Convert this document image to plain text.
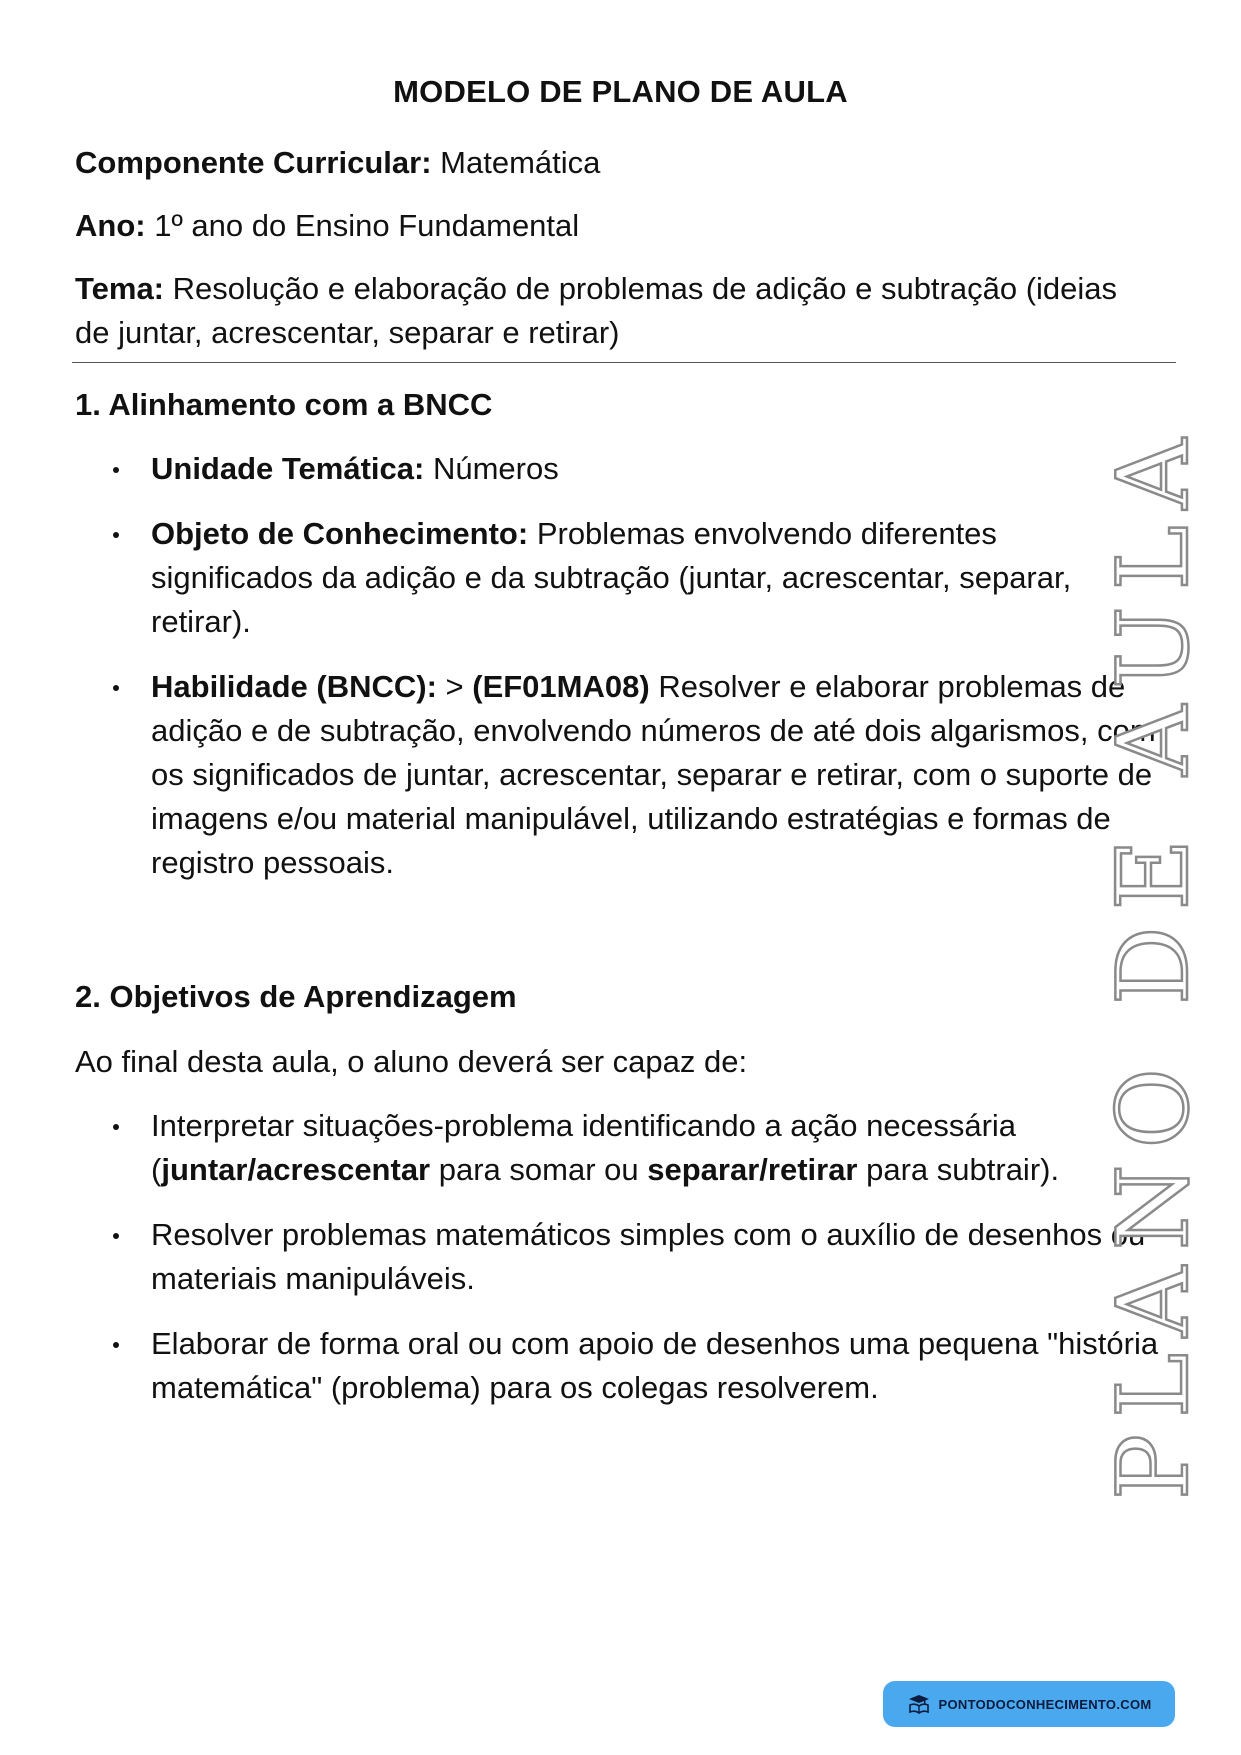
MODELO DE PLANO DE AULA
Componente Curricular: Matemática
Ano: 1º ano do Ensino Fundamental
Tema: Resolução e elaboração de problemas de adição e subtração (ideias de juntar, acrescentar, separar e retirar)
1. Alinhamento com a BNCC
Unidade Temática: Números
Objeto de Conhecimento: Problemas envolvendo diferentes significados da adição e da subtração (juntar, acrescentar, separar, retirar).
Habilidade (BNCC): > (EF01MA08) Resolver e elaborar problemas de adição e de subtração, envolvendo números de até dois algarismos, com os significados de juntar, acrescentar, separar e retirar, com o suporte de imagens e/ou material manipulável, utilizando estratégias e formas de registro pessoais.
2. Objetivos de Aprendizagem
Ao final desta aula, o aluno deverá ser capaz de:
Interpretar situações-problema identificando a ação necessária (juntar/acrescentar para somar ou separar/retirar para subtrair).
Resolver problemas matemáticos simples com o auxílio de desenhos ou materiais manipuláveis.
Elaborar de forma oral ou com apoio de desenhos uma pequena "história matemática" (problema) para os colegas resolverem.	PLANO DE AULA
PONTODOCONHECIMENTO.COM
